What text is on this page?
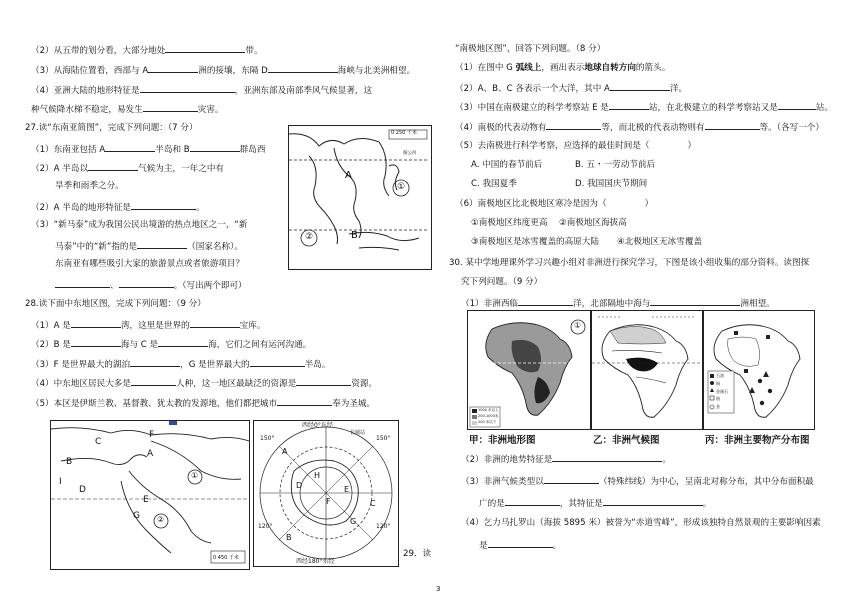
（2）从五带的划分看，大部分地处	带。
（3）从海陆位置看，西部与 A	洲的接壤，东隔 D	海峡与北美洲相望。
（4）亚洲大陆的地形特征是	，亚洲东部及南部季风气候显著，这
种气候降水梯不稳定，易发生	灾害。
27.读“东南亚简图”，完成下列问题：（7 分）
（1）东南亚包括 A	半岛和 B	群岛西
（2）A 半岛以	气候为主，一年之中有
旱季和雨季之分。
（2）A 半岛的地形特征是	。
（3）“新马泰”成为我国公民出境游的热点地区之一，“新
马泰”中的“新”指的是	（国家名称）。
东南亚有哪些吸引大家的旅游景点或者旅游项目？
、	。（写出两个即可）
A
B
①
②
0 250 千米
湄公河
28.读下面中东地区图，完成下列问题：（9 分）
（1）A 是	湾，这里是世界的	宝库。
（2）B 是	海与 C 是	海，它们之间有运河沟通。
（3）F 是世界最大的湖泊	，G 是世界最大的	半岛。
（4）中东地区居民大多是	人种，这一地区最缺泛的资源是	资源。
（5）本区是伊斯兰教、基督教、犹太教的发源地，他们都把城市	奉为圣城。
F
C
B
D
I
E
G
A
①
②
0 450 千米
西经0°东经
西经180°东经
A
B
C
D	E
F
G
H
150°
120°	120°
150°
长城站
29．读
“南极地区图”，回答下列问题。（8 分）
（1）在图中 G 弧线上，画出表示地球自转方向的箭头。
（2）A、B、C 各表示一个大洋，其中 A	洋。
（3）中国在南极建立的科学考察站 E 是	站，在北极建立的科学考察站又是	站。
（4）南极的代表动物有	等，而北极的代表动物则有	等。（各写一个）
（5）去南极进行科学考察，应选择的最佳时间是（	）
A. 中国的春节前后	B. 五・一劳动节前后
C. 我国夏季	D. 我国国庆节期间
（6）南极地区比北极地区寒冷是因为（	）
①南极地区纬度更高 ②南极地区海拔高
③南极地区是冰雪覆盖的高原大陆 ④北极地区无冰雪覆盖
30. 某中学地理课外学习兴趣小组对非洲进行探究学习，下图是该小组收集的部分资料。读图探
究下列问题。（9 分）
（1）非洲西临	洋，北部隔地中海与	洲相望。
①
1000 米以上
200-1000米
200 米以下
石油
铜
金刚石
铀
金
甲：非洲地形图	乙：非洲气候图	丙：非洲主要物产分布图
（2）非洲的地势特征是	。
（3）非洲气候类型以	（特殊纬线）为中心，呈南北对称分布，其中分布面积最
广的是	，其特征是	。
（4）乞力马扎罗山（海拔 5895 米）被誉为“赤道雪峰”，形成该独特自然景观的主要影响因素
是	。
3
